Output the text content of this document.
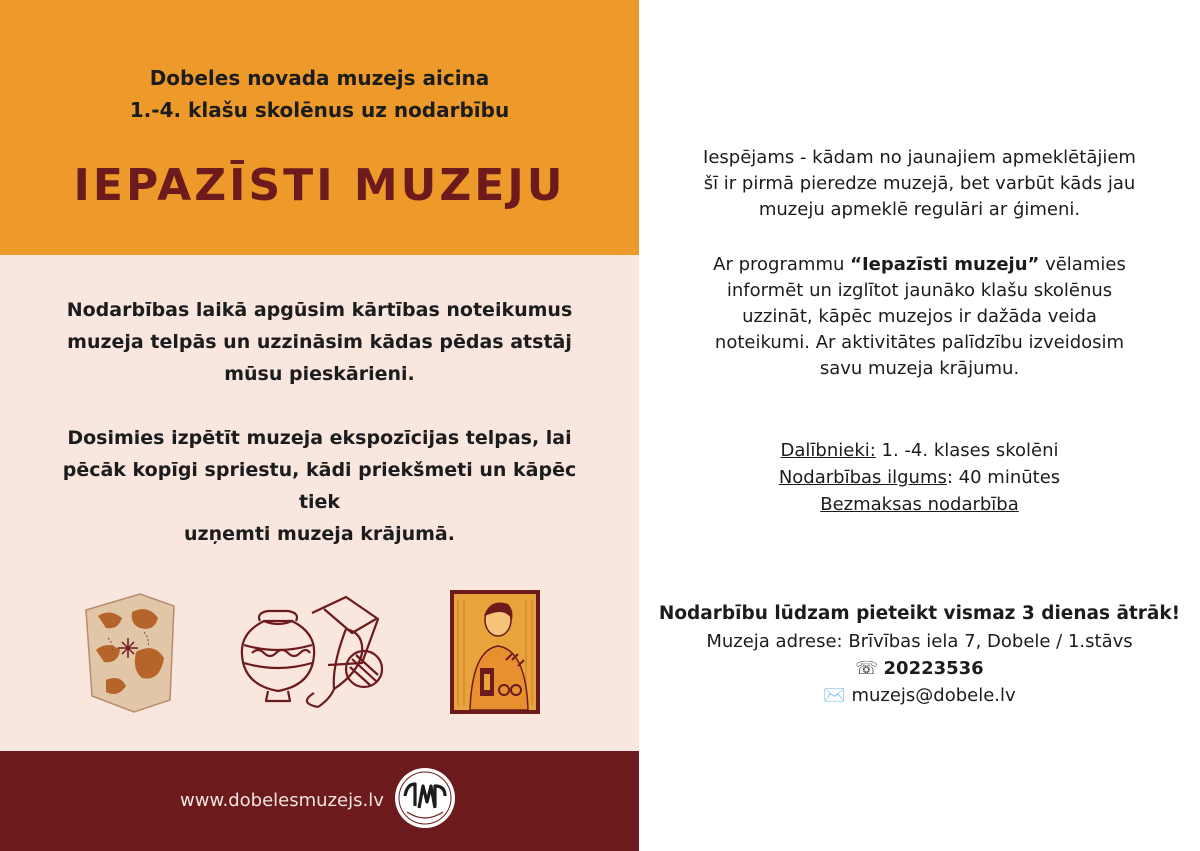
Dobeles novada muzejs aicina
1.-4. klašu skolēnus uz nodarbību
IEPAZĪSTI MUZEJU
Nodarbības laikā apgūsim kārtības noteikumus
muzeja telpās un uzzināsim kādas pēdas atstāj
mūsu pieskārieni.
Dosimies izpētīt muzeja ekspozīcijas telpas, lai
pēcāk kopīgi spriestu, kādi priekšmeti un kāpēc tiek
uzņemti muzeja krājumā.
www.dobelesmuzejs.lv
Iespējams - kādam no jaunajiem apmeklētājiem
šī ir pirmā pieredze muzejā, bet varbūt kāds jau
muzeju apmeklē regulāri ar ģimeni.
Ar programmu “Iepazīsti muzeju” vēlamies
informēt un izglītot jaunāko klašu skolēnus
uzzināt, kāpēc muzejos ir dažāda veida
noteikumi. Ar aktivitātes palīdzību izveidosim
savu muzeja krājumu.
Dalībnieki: 1. -4. klases skolēni
Nodarbības ilgums: 40 minūtes
Bezmaksas nodarbība
Nodarbību lūdzam pieteikt vismaz 3 dienas ātrāk!
Muzeja adrese: Brīvības iela 7, Dobele / 1.stāvs
☏ 20223536
✉️ muzejs@dobele.lv
